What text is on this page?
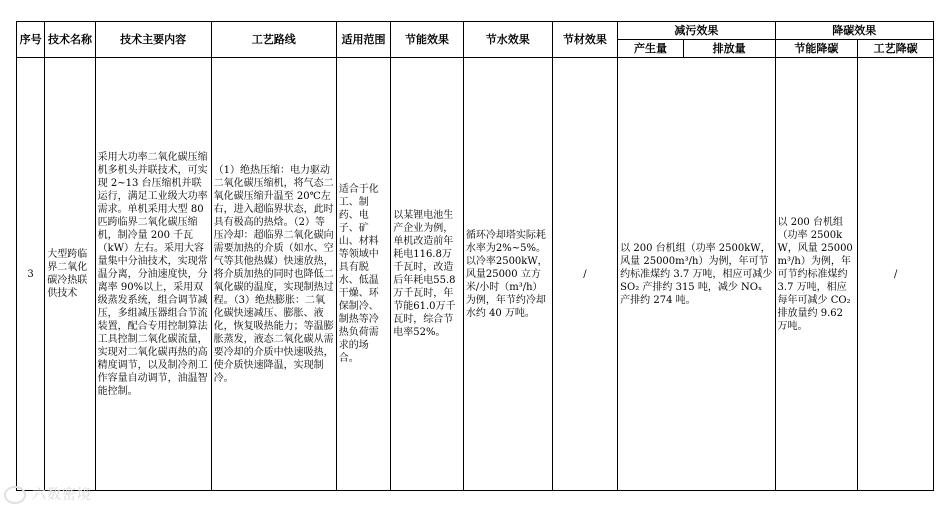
序号	技术名称	技术主要内容	工艺路线	适用范围	节能效果	节水效果	节材效果	减污效果		降碳效果	
								产生量	排放量	节能降碳	工艺降碳
3	大型跨临界二氧化碳冷热联供技术	采用大功率二氧化碳压缩机多机头并联技术，可实现 2~13 台压缩机并联运行，满足工业级大功率需求。单机采用大型 80匹跨临界二氧化碳压缩机，制冷量 200 千瓦（kW）左右。采用大容量集中分油技术，实现常温分离，分油速度快，分离率 90%以上，采用双级蒸发系统，组合调节减压，多组减压器组合节流装置，配合专用控制算法工具控制二氧化碳流量，实现对二氧化碳再热的高精度调节，以及制冷剂工作容量自动调节，油温智能控制。	（1）绝热压缩：电力驱动二氧化碳压缩机，将气态二氧化碳压缩升温至 20℃左右，进入超临界状态，此时具有极高的热焓。（2）等压冷却：超临界二氧化碳向需要加热的介质（如水、空气等其他热媒）快速放热，将介质加热的同时也降低二氧化碳的温度，实现制热过程。（3）绝热膨胀：二氧化碳快速减压、膨胀、液化，恢复吸热能力；等温膨胀蒸发，液态二氧化碳从需要冷却的介质中快速吸热，使介质快速降温，实现制冷。	适合于化工、制药、电子、矿山、材料等领域中具有脱水、低温干燥、环保制冷、制热等冷热负荷需求的场合。	以某锂电池生产企业为例，单机改造前年耗电116.8万千瓦时，改造后年耗电55.8 万千瓦时，年节能61.0万千瓦时，综合节电率52%。	循环冷却塔实际耗水率为2%~5%。以冷率2500kW，风量25000 立方米/小时（m³/h）为例，年节约冷却水约 40 万吨。	/	以 200 台机组（功率 2500kW，风量 25000m³/h）为例，年可节约标准煤约 3.7 万吨，相应可减少 SO₂ 产排约 315 吨，减少 NOₓ 产排约 274 吨。		以 200 台机组（功率 2500kW，风量 25000m³/h）为例，年可节约标准煤约 3.7 万吨，相应每年可减少 CO₂ 排放量约 9.62 万吨。	/
六数密境
